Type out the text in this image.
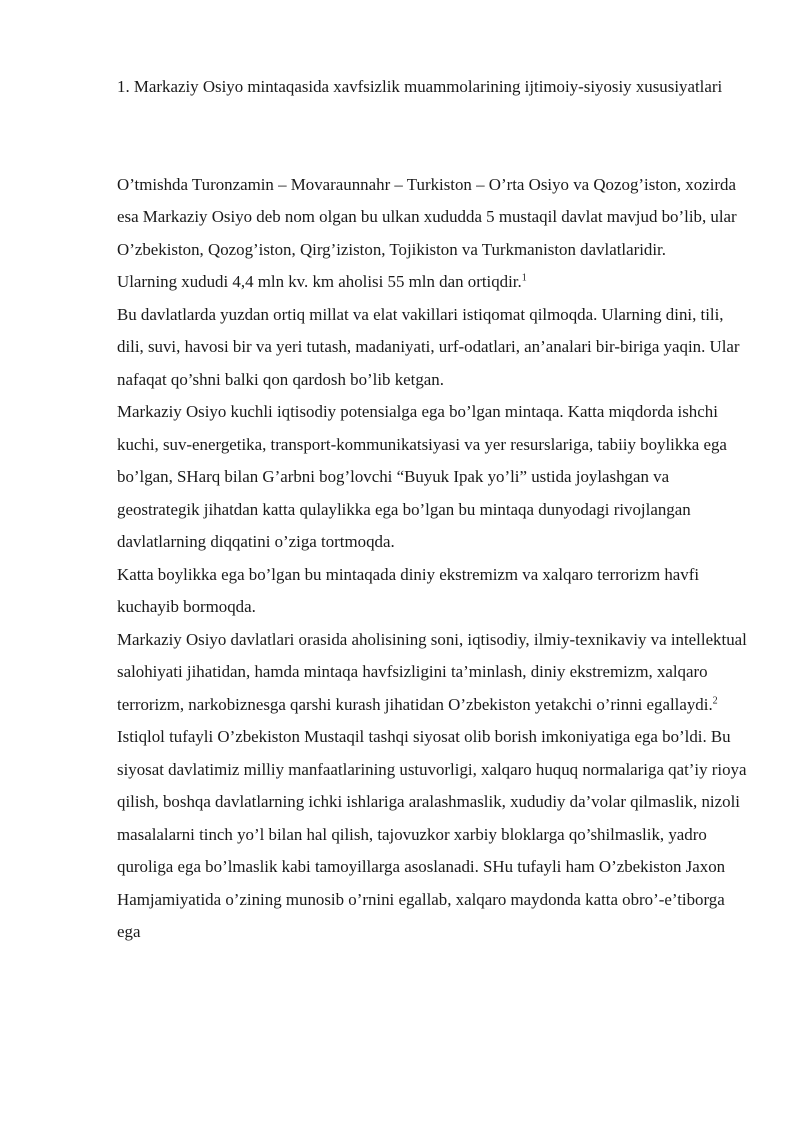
1. Markaziy Osiyo mintaqasida xavfsizlik muammolarining ijtimoiy-siyosiy xususiyatlari

O’tmishda Turonzamin – Movaraunnahr – Turkiston – O’rta Osiyo va Qozog’iston, xozirda esa Markaziy Osiyo deb nom olgan bu ulkan xududda 5 mustaqil davlat mavjud bo’lib, ular O’zbekiston, Qozog’iston, Qirg’iziston, Tojikiston va Turkmaniston davlatlaridir.

Ularning xududi 4,4 mln kv. km aholisi 55 mln dan ortiqdir.$^1$

Bu davlatlarda yuzdan ortiq millat va elat vakillari istiqomat qilmoqda. Ularning dini, tili, dili, suvi, havosi bir va yeri tutash, madaniyati, urf-odatlari, an’analari bir-biriga yaqin. Ular nafaqat qo’shni balki qon qardosh bo’lib ketgan.

Markaziy Osiyo kuchli iqtisodiy potensialga ega bo’lgan mintaqa. Katta miqdorda ishchi kuchi, suv-energetika, transport-kommunikatsiyasi va yer resurslariga, tabiiy boylikka ega bo’lgan, SHarq bilan G’arbni bog’lovchi “Buyuk Ipak yo’li” ustida joylashgan va geostrategik jihatdan katta qulaylikka ega bo’lgan bu mintaqa dunyodagi rivojlangan davlatlarning diqqatini o’ziga tortmoqda.

Katta boylikka ega bo’lgan bu mintaqada diniy ekstremizm va xalqaro terrorizm havfi kuchayib bormoqda.

Markaziy Osiyo davlatlari orasida aholisining soni, iqtisodiy, ilmiy-texnikaviy va intellektual salohiyati jihatidan, hamda mintaqa havfsizligini ta’minlash, diniy ekstremizm, xalqaro terrorizm, narkobiznesga qarshi kurash jihatidan O’zbekiston yetakchi o’rinni egallaydi.$^2$

Istiqlol tufayli O’zbekiston Mustaqil tashqi siyosat olib borish imkoniyatiga ega bo’ldi. Bu siyosat davlatimiz milliy manfaatlarining ustuvorligi, xalqaro huquq normalariga qat’iy rioya qilish, boshqa davlatlarning ichki ishlariga aralashmaslik, xududiy da’volar qilmaslik, nizoli masalalarni tinch yo’l bilan hal qilish, tajovuzkor xarbiy bloklarga qo’shilmaslik, yadro quroliga ega bo’lmaslik kabi tamoyillarga asoslanadi. SHu tufayli ham O’zbekiston Jaxon Hamjamiyatida o’zining munosib o’rnini egallab, xalqaro maydonda katta obro’-e’tiborga ega
